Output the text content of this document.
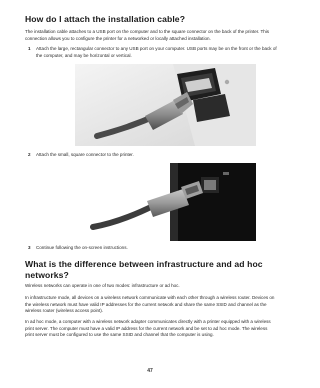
How do I attach the installation cable?
The installation cable attaches to a USB port on the computer and to the square connector on the back of the printer. This connection allows you to configure the printer for a networked or locally attached installation.
1 Attach the large, rectangular connector to any USB port on your computer. USB ports may be on the front or the back of the computer, and may be horizontal or vertical.
2 Attach the small, square connector to the printer.
3 Continue following the on-screen instructions.
What is the difference between infrastructure and ad hoc networks?
Wireless networks can operate in one of two modes: infrastructure or ad hoc.
In infrastructure mode, all devices on a wireless network communicate with each other through a wireless router. Devices on the wireless network must have valid IP addresses for the current network and share the same SSID and channel as the wireless router (wireless access point).
In ad hoc mode, a computer with a wireless network adapter communicates directly with a printer equipped with a wireless print server. The computer must have a valid IP address for the current network and be set to ad hoc mode. The wireless print server must be configured to use the same SSID and channel that the computer is using.
47
